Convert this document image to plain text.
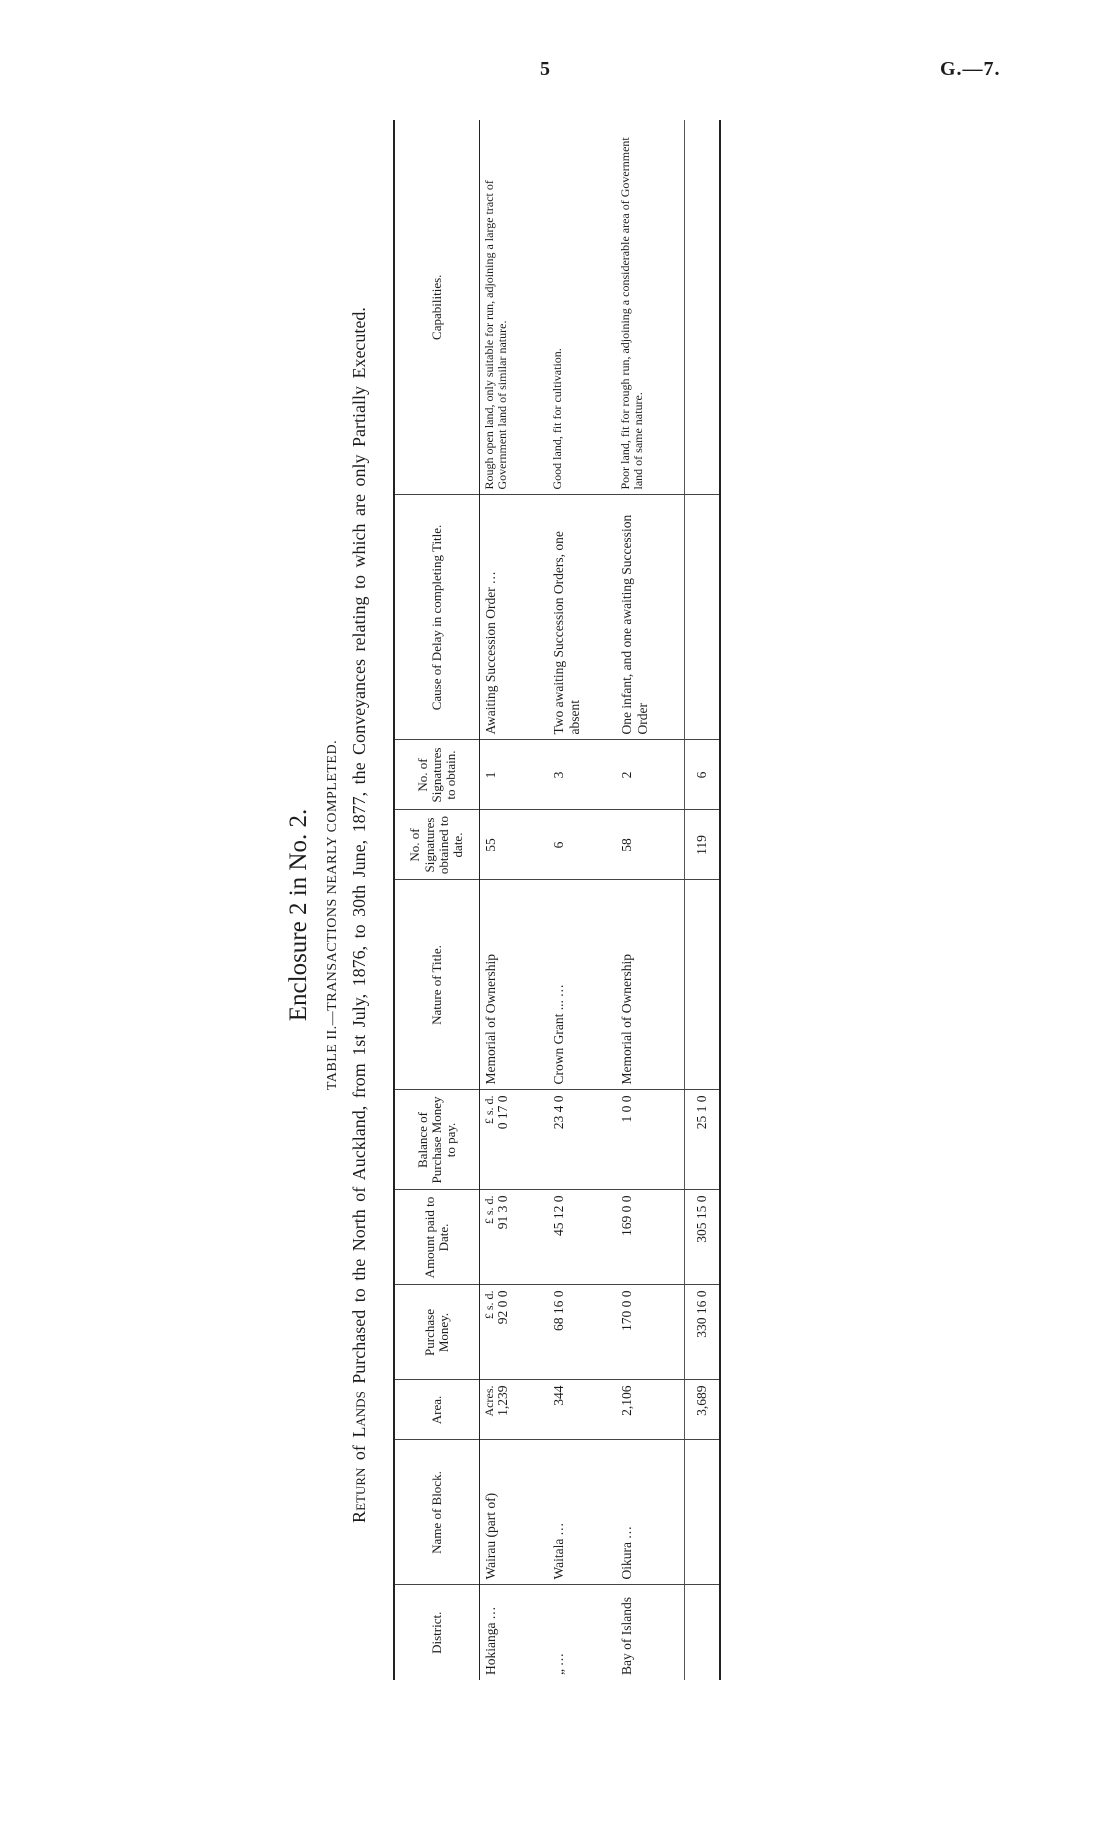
5	G.—7.
Enclosure 2 in No. 2. TABLE II.—TRANSACTIONS NEARLY COMPLETED.
Return of Lands Purchased to the North of Auckland, from 1st July, 1876, to 30th June, 1877, the Conveyances relating to which are only Partially Executed.
District.	Name of Block.	Area.	Purchase Money.	Amount paid to Date.	Balance of Purchase Money to pay.	Nature of Title.	No. of Signatures obtained to date.	No. of Signatures to obtain.	Cause of Delay in completing Title.	Capabilities.
Hokianga ...	Wairau (part of)	Acres. 1,239	£ s. d. 92 0 0	£ s. d. 91 3 0	£ s. d. 0 17 0	Memorial of Ownership	55	1	Awaiting Succession Order ...	Rough open land, only suitable for run, adjoining a large tract of Government land of similar nature.
„ ...	Waitala ...	344	68 16 0	45 12 0	23 4 0	Crown Grant ... ...	6	3	Two awaiting Succession Orders, one absent	Good land, fit for cultivation.
Bay of Islands	Oikura ...	2,106	170 0 0	169 0 0	1 0 0	Memorial of Ownership	58	2	One infant, and one awaiting Succession Order	Poor land, fit for rough run, adjoining a considerable area of Government land of same nature.
		3,689	330 16 0	305 15 0	25 1 0		119	6		
